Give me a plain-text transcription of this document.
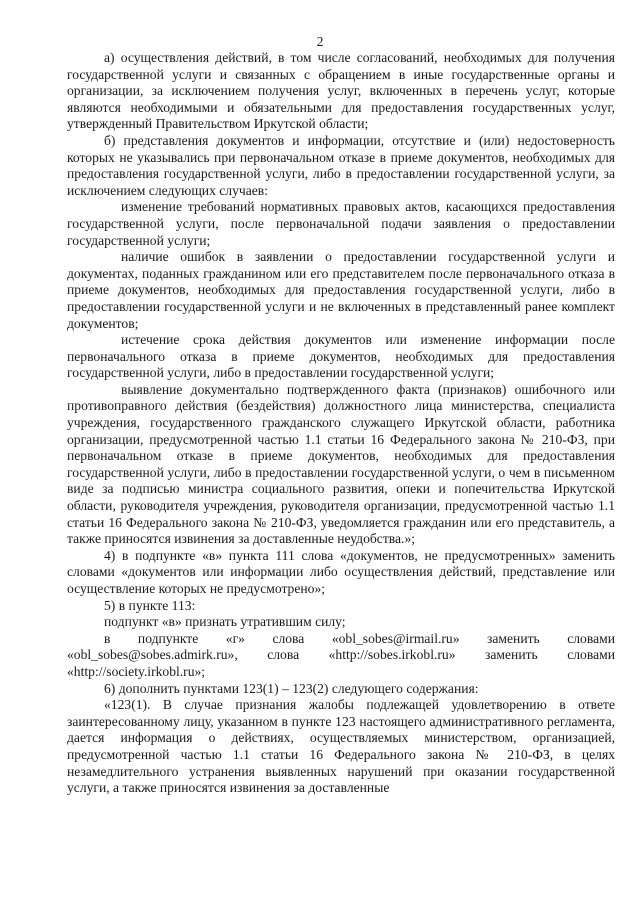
2

а) осуществления действий, в том числе согласований, необходимых для получения государственной услуги и связанных с обращением в иные государственные органы и организации, за исключением получения услуг, включенных в перечень услуг, которые являются необходимыми и обязательными для предоставления государственных услуг, утвержденный Правительством Иркутской области;

б) представления документов и информации, отсутствие и (или) недостоверность которых не указывались при первоначальном отказе в приеме документов, необходимых для предоставления государственной услуги, либо в предоставлении государственной услуги, за исключением следующих случаев:

изменение требований нормативных правовых актов, касающихся предоставления государственной услуги, после первоначальной подачи заявления о предоставлении государственной услуги;

наличие ошибок в заявлении о предоставлении государственной услуги и документах, поданных гражданином или его представителем после первоначального отказа в приеме документов, необходимых для предоставления государственной услуги, либо в предоставлении государственной услуги и не включенных в представленный ранее комплект документов;

истечение срока действия документов или изменение информации после первоначального отказа в приеме документов, необходимых для предоставления государственной услуги, либо в предоставлении государственной услуги;

выявление документально подтвержденного факта (признаков) ошибочного или противоправного действия (бездействия) должностного лица министерства, специалиста учреждения, государственного гражданского служащего Иркутской области, работника организации, предусмотренной частью 1.1 статьи 16 Федерального закона № 210-ФЗ, при первоначальном отказе в приеме документов, необходимых для предоставления государственной услуги, либо в предоставлении государственной услуги, о чем в письменном виде за подписью министра социального развития, опеки и попечительства Иркутской области, руководителя учреждения, руководителя организации, предусмотренной частью 1.1 статьи 16 Федерального закона № 210-ФЗ, уведомляется гражданин или его представитель, а также приносятся извинения за доставленные неудобства.»;

4) в подпункте «в» пункта 111 слова «документов, не предусмотренных» заменить словами «документов или информации либо осуществления действий, представление или осуществление которых не предусмотрено»;

5) в пункте 113:

подпункт «в» признать утратившим силу;

в подпункте «г» слова «obl_sobes@irmail.ru» заменить словами «obl_sobes@sobes.admirk.ru», слова «http://sobes.irkobl.ru» заменить словами «http://society.irkobl.ru»;

6) дополнить пунктами 123(1) – 123(2) следующего содержания:

«123(1). В случае признания жалобы подлежащей удовлетворению в ответе заинтересованному лицу, указанном в пункте 123 настоящего административного регламента, дается информация о действиях, осуществляемых министерством, организацией, предусмотренной частью 1.1 статьи 16 Федерального закона № 210-ФЗ, в целях незамедлительного устранения выявленных нарушений при оказании государственной услуги, а также приносятся извинения за доставленные
